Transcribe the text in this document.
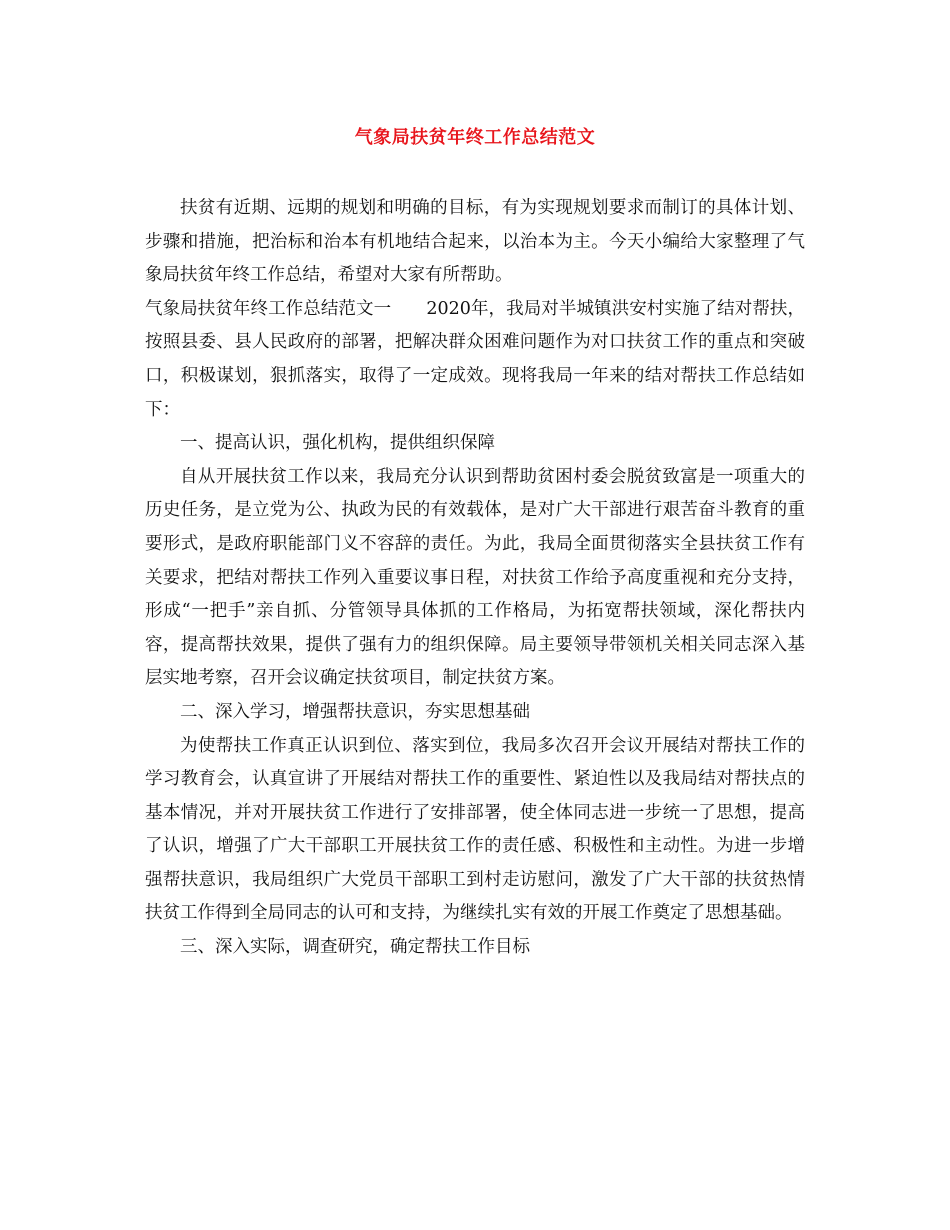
气象局扶贫年终工作总结范文

扶贫有近期、远期的规划和明确的目标，有为实现规划要求而制订的具体计划、步骤和措施，把治标和治本有机地结合起来，以治本为主。今天小编给大家整理了气象局扶贫年终工作总结，希望对大家有所帮助。

气象局扶贫年终工作总结范文一　　2020年，我局对半城镇洪安村实施了结对帮扶，按照县委、县人民政府的部署，把解决群众困难问题作为对口扶贫工作的重点和突破口，积极谋划，狠抓落实，取得了一定成效。现将我局一年来的结对帮扶工作总结如下：

一、提高认识，强化机构，提供组织保障

自从开展扶贫工作以来，我局充分认识到帮助贫困村委会脱贫致富是一项重大的历史任务，是立党为公、执政为民的有效载体，是对广大干部进行艰苦奋斗教育的重要形式，是政府职能部门义不容辞的责任。为此，我局全面贯彻落实全县扶贫工作有关要求，把结对帮扶工作列入重要议事日程，对扶贫工作给予高度重视和充分支持，形成“一把手”亲自抓、分管领导具体抓的工作格局，为拓宽帮扶领域，深化帮扶内容，提高帮扶效果，提供了强有力的组织保障。局主要领导带领机关相关同志深入基层实地考察，召开会议确定扶贫项目，制定扶贫方案。

二、深入学习，增强帮扶意识，夯实思想基础

为使帮扶工作真正认识到位、落实到位，我局多次召开会议开展结对帮扶工作的学习教育会，认真宣讲了开展结对帮扶工作的重要性、紧迫性以及我局结对帮扶点的基本情况，并对开展扶贫工作进行了安排部署，使全体同志进一步统一了思想，提高了认识，增强了广大干部职工开展扶贫工作的责任感、积极性和主动性。为进一步增强帮扶意识，我局组织广大党员干部职工到村走访慰问，激发了广大干部的扶贫热情扶贫工作得到全局同志的认可和支持，为继续扎实有效的开展工作奠定了思想基础。

三、深入实际，调查研究，确定帮扶工作目标
